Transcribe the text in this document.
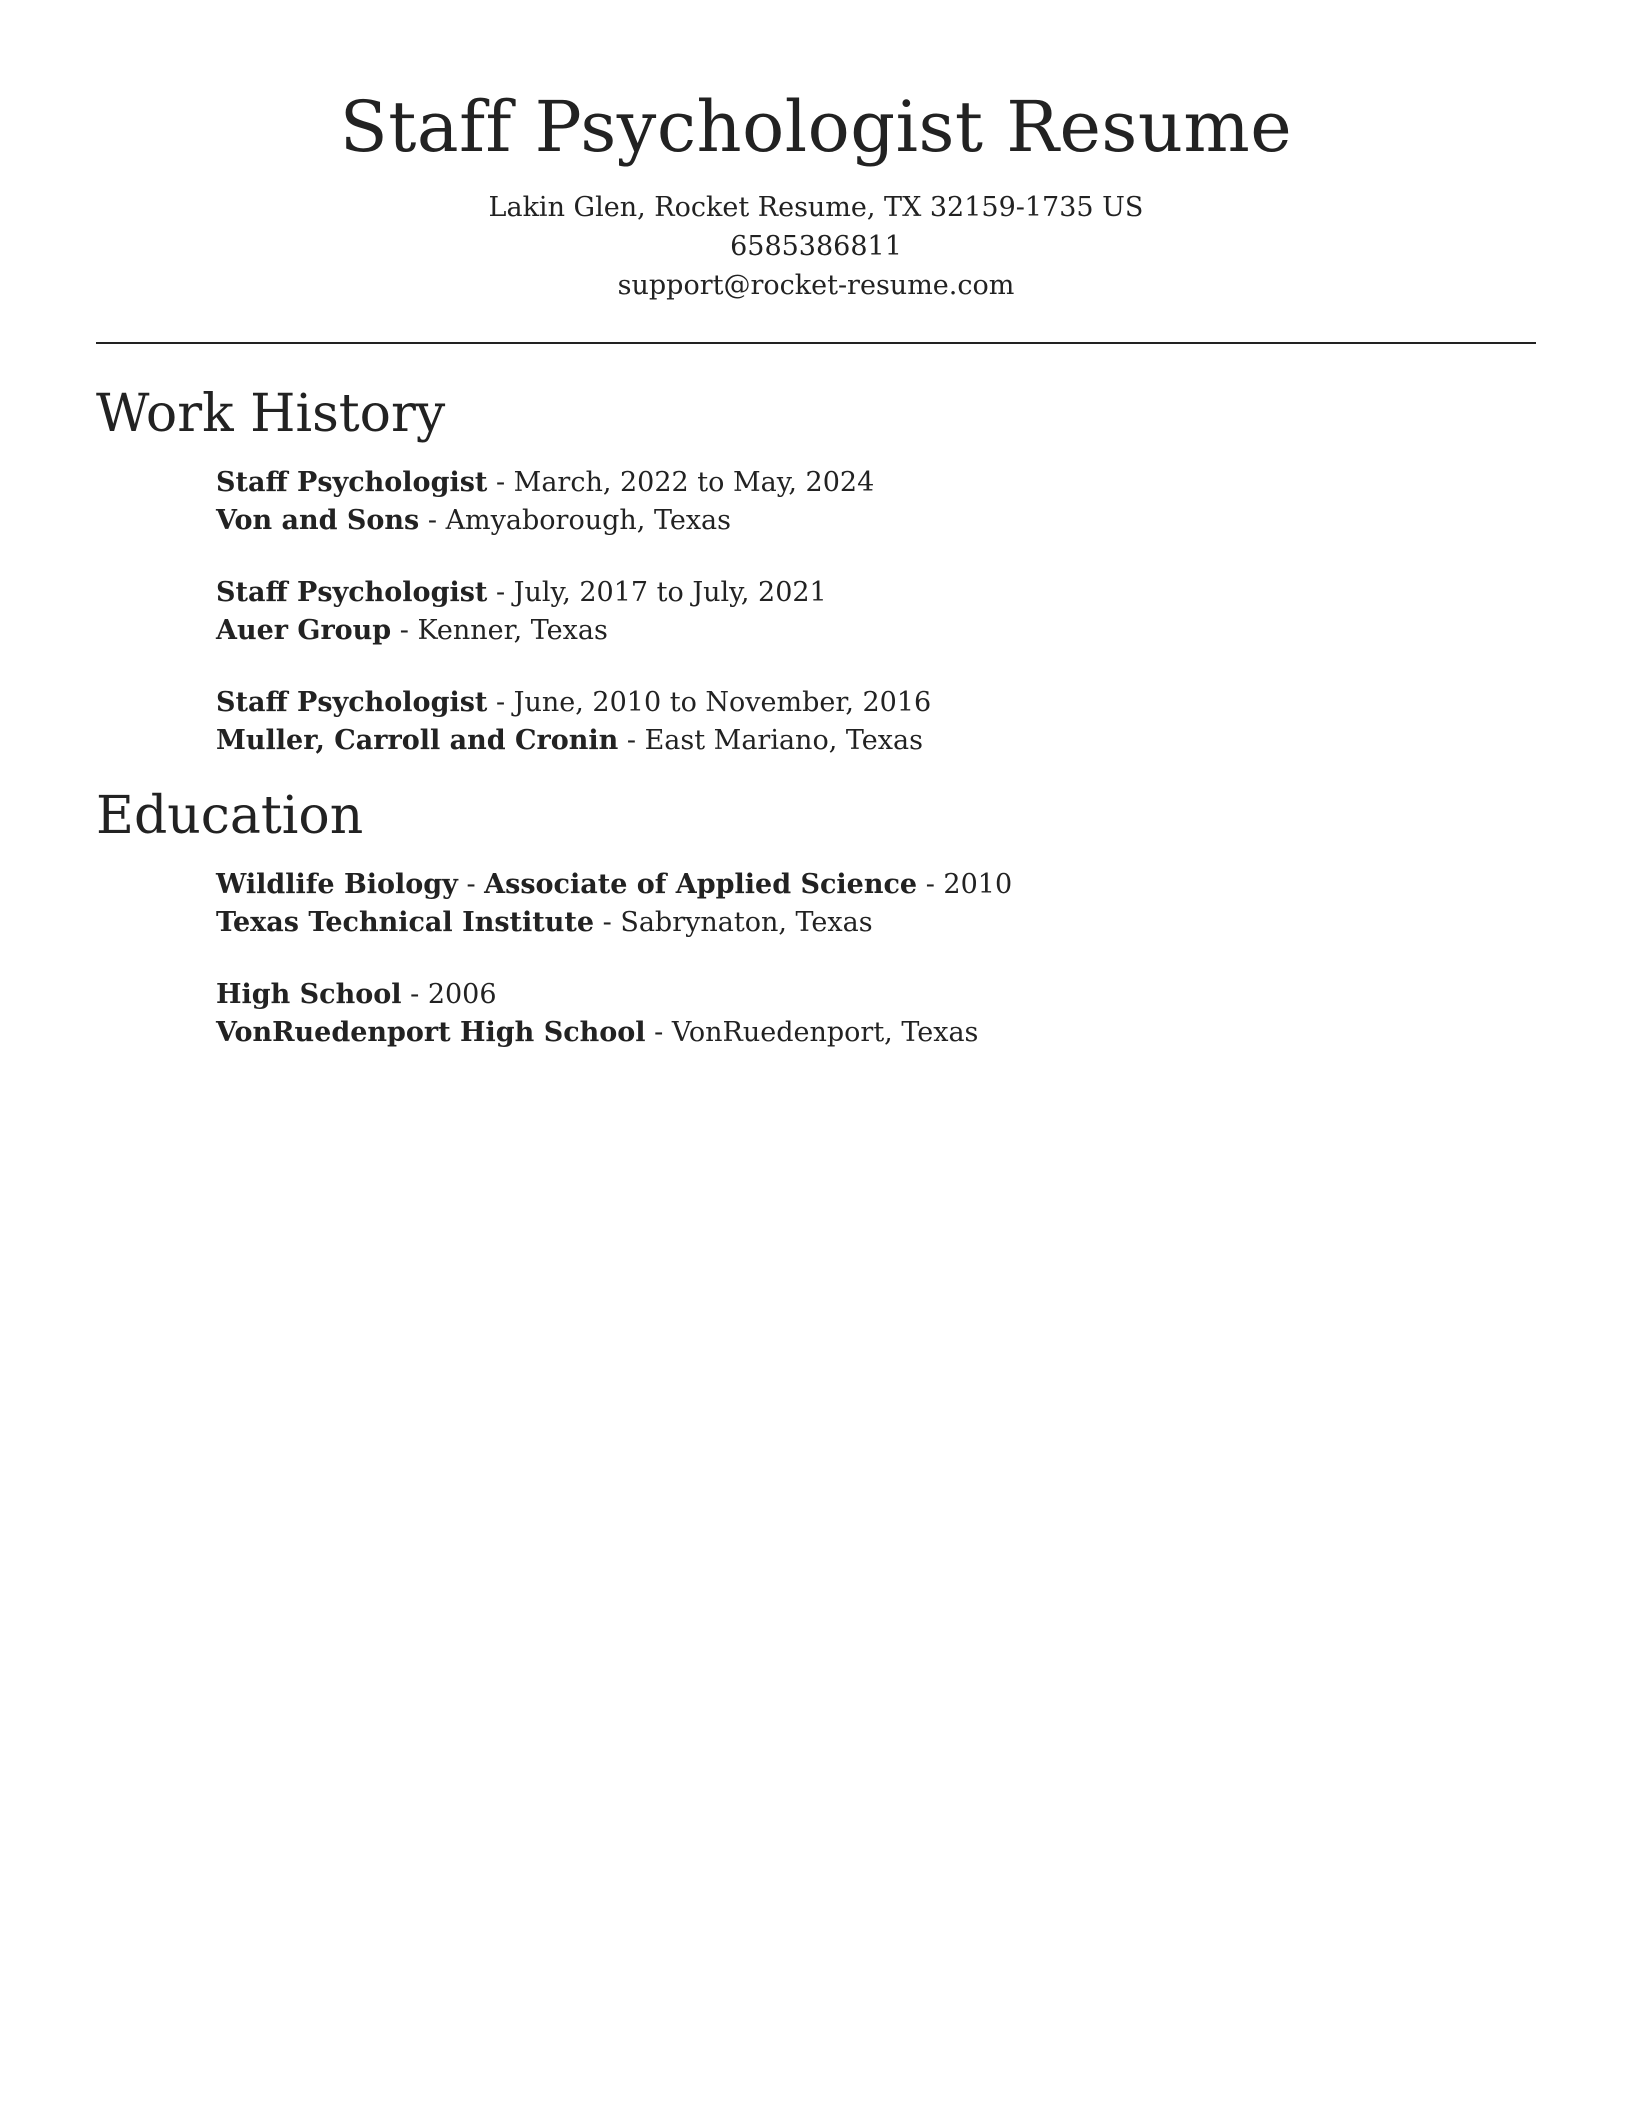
Staff Psychologist Resume
Lakin Glen, Rocket Resume, TX 32159-1735 US
6585386811
support@rocket-resume.com
Work History
Staff Psychologist - March, 2022 to May, 2024
Von and Sons - Amyaborough, Texas
Staff Psychologist - July, 2017 to July, 2021
Auer Group - Kenner, Texas
Staff Psychologist - June, 2010 to November, 2016
Muller, Carroll and Cronin - East Mariano, Texas
Education
Wildlife Biology - Associate of Applied Science - 2010
Texas Technical Institute - Sabrynaton, Texas
High School - 2006
VonRuedenport High School - VonRuedenport, Texas
